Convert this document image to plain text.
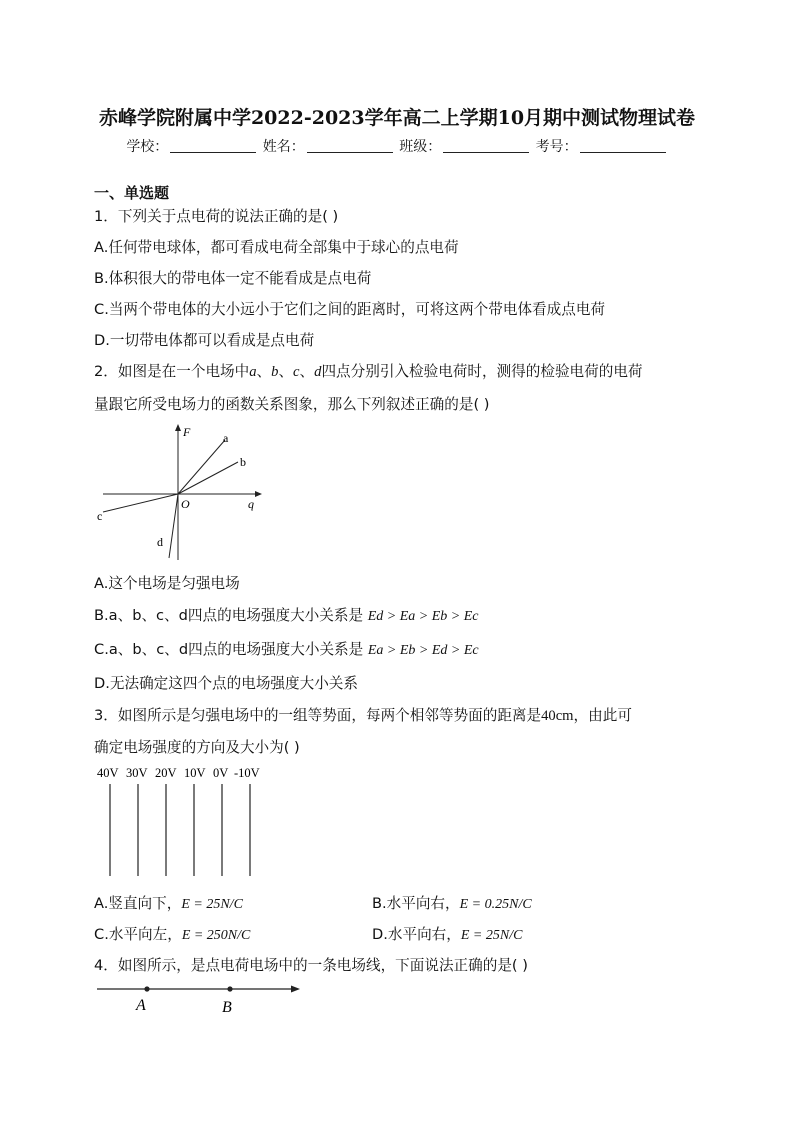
赤峰学院附属中学2022-2023学年高二上学期10月期中测试物理试卷
学校：	姓名：	班级：	考号：
一、单选题
1．下列关于点电荷的说法正确的是( )
A.任何带电球体，都可看成电荷全部集中于球心的点电荷
B.体积很大的带电体一定不能看成是点电荷
C.当两个带电体的大小远小于它们之间的距离时，可将这两个带电体看成点电荷
D.一切带电体都可以看成是点电荷
2．如图是在一个电场中a、b、c、d四点分别引入检验电荷时，测得的检验电荷的电荷
量跟它所受电场力的函数关系图象，那么下列叙述正确的是( )
F	a
b
c
d
O	q
A.这个电场是匀强电场
B.a、b、c、d四点的电场强度大小关系是 Ed > Ea > Eb > Ec
C.a、b、c、d四点的电场强度大小关系是 Ea > Eb > Ed > Ec
D.无法确定这四个点的电场强度大小关系
3．如图所示是匀强电场中的一组等势面，每两个相邻等势面的距离是40cm，由此可
确定电场强度的方向及大小为( )
40V 30V 20V 10V 0V -10V
A.竖直向下，E = 25N/C	B.水平向右，E = 0.25N/C
C.水平向左，E = 250N/C	D.水平向右，E = 25N/C
4．如图所示，是点电荷电场中的一条电场线，下面说法正确的是( )
A	B
